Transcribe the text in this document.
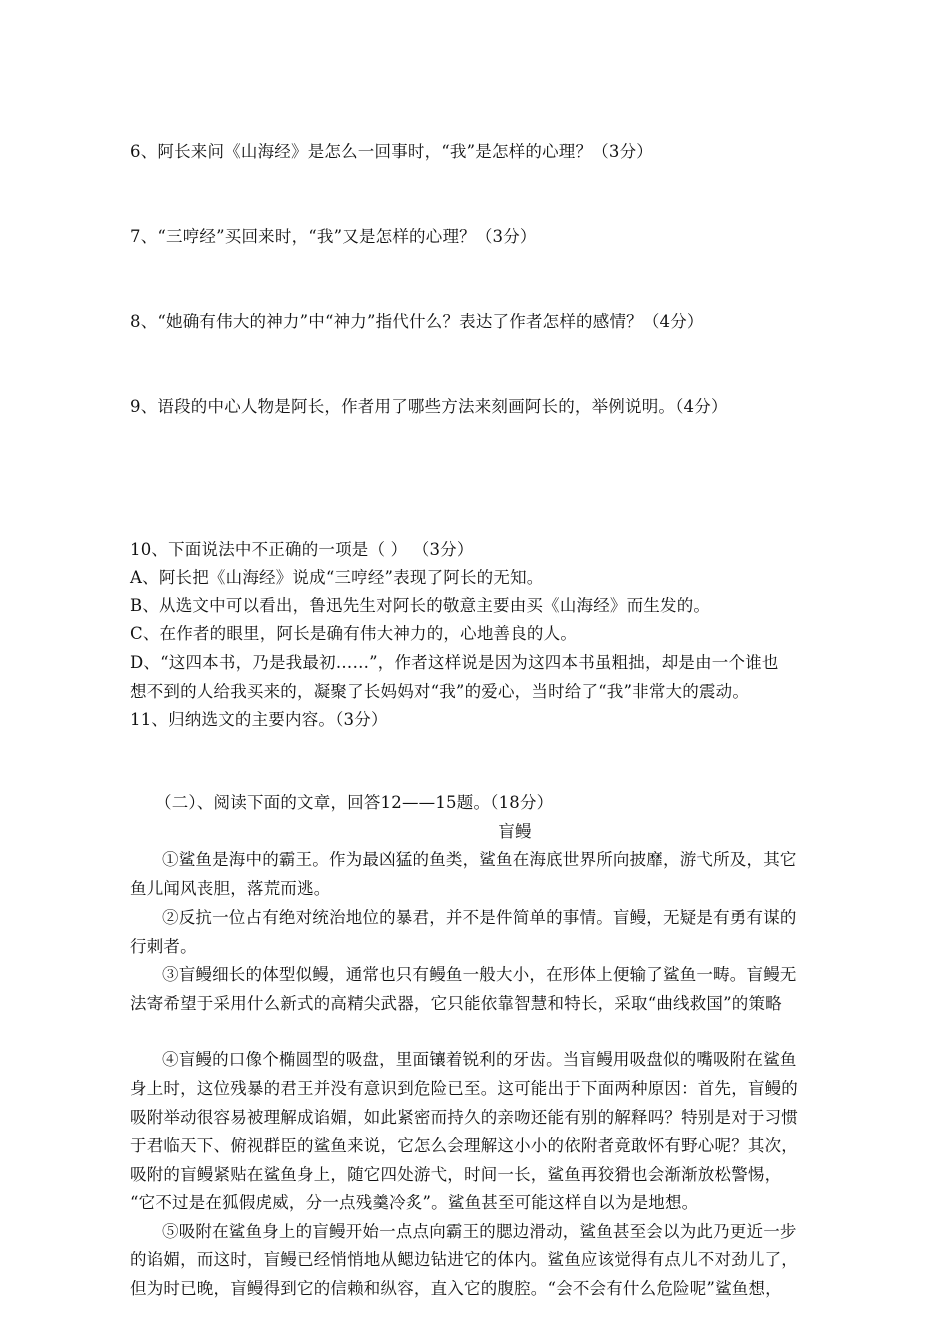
6、阿长来问《山海经》是怎么一回事时，“我”是怎样的心理？（3分）
7、“三哼经”买回来时，“我”又是怎样的心理？（3分）
8、“她确有伟大的神力”中“神力”指代什么？表达了作者怎样的感情？（4分）
9、语段的中心人物是阿长，作者用了哪些方法来刻画阿长的，举例说明。（4分）
10、下面说法中不正确的一项是（ ） （3分）
A、阿长把《山海经》说成“三哼经”表现了阿长的无知。
B、从选文中可以看出，鲁迅先生对阿长的敬意主要由买《山海经》而生发的。
C、在作者的眼里，阿长是确有伟大神力的，心地善良的人。
D、“这四本书，乃是我最初……”，作者这样说是因为这四本书虽粗拙，却是由一个谁也
想不到的人给我买来的，凝聚了长妈妈对“我”的爱心，当时给了“我”非常大的震动。
11、归纳选文的主要内容。（3分）
（二）、阅读下面的文章，回答12——15题。（18分）
盲鳗
①鲨鱼是海中的霸王。作为最凶猛的鱼类，鲨鱼在海底世界所向披靡，游弋所及，其它
鱼儿闻风丧胆，落荒而逃。
②反抗一位占有绝对统治地位的暴君，并不是件简单的事情。盲鳗，无疑是有勇有谋的
行刺者。
③盲鳗细长的体型似鳗，通常也只有鳗鱼一般大小，在形体上便输了鲨鱼一畴。盲鳗无
法寄希望于采用什么新式的高精尖武器，它只能依靠智慧和特长，采取“曲线救国”的策略
④盲鳗的口像个椭圆型的吸盘，里面镶着锐利的牙齿。当盲鳗用吸盘似的嘴吸附在鲨鱼
身上时，这位残暴的君王并没有意识到危险已至。这可能出于下面两种原因：首先，盲鳗的
吸附举动很容易被理解成谄媚，如此紧密而持久的亲吻还能有别的解释吗？特别是对于习惯
于君临天下、俯视群臣的鲨鱼来说，它怎么会理解这小小的依附者竟敢怀有野心呢？其次，
吸附的盲鳗紧贴在鲨鱼身上，随它四处游弋，时间一长，鲨鱼再狡猾也会渐渐放松警惕，
“它不过是在狐假虎威，分一点残羹冷炙”。鲨鱼甚至可能这样自以为是地想。
⑤吸附在鲨鱼身上的盲鳗开始一点点向霸王的腮边滑动，鲨鱼甚至会以为此乃更近一步
的谄媚，而这时，盲鳗已经悄悄地从鳃边钻进它的体内。鲨鱼应该觉得有点儿不对劲儿了，
但为时已晚，盲鳗得到它的信赖和纵容，直入它的腹腔。“会不会有什么危险呢”鲨鱼想，
